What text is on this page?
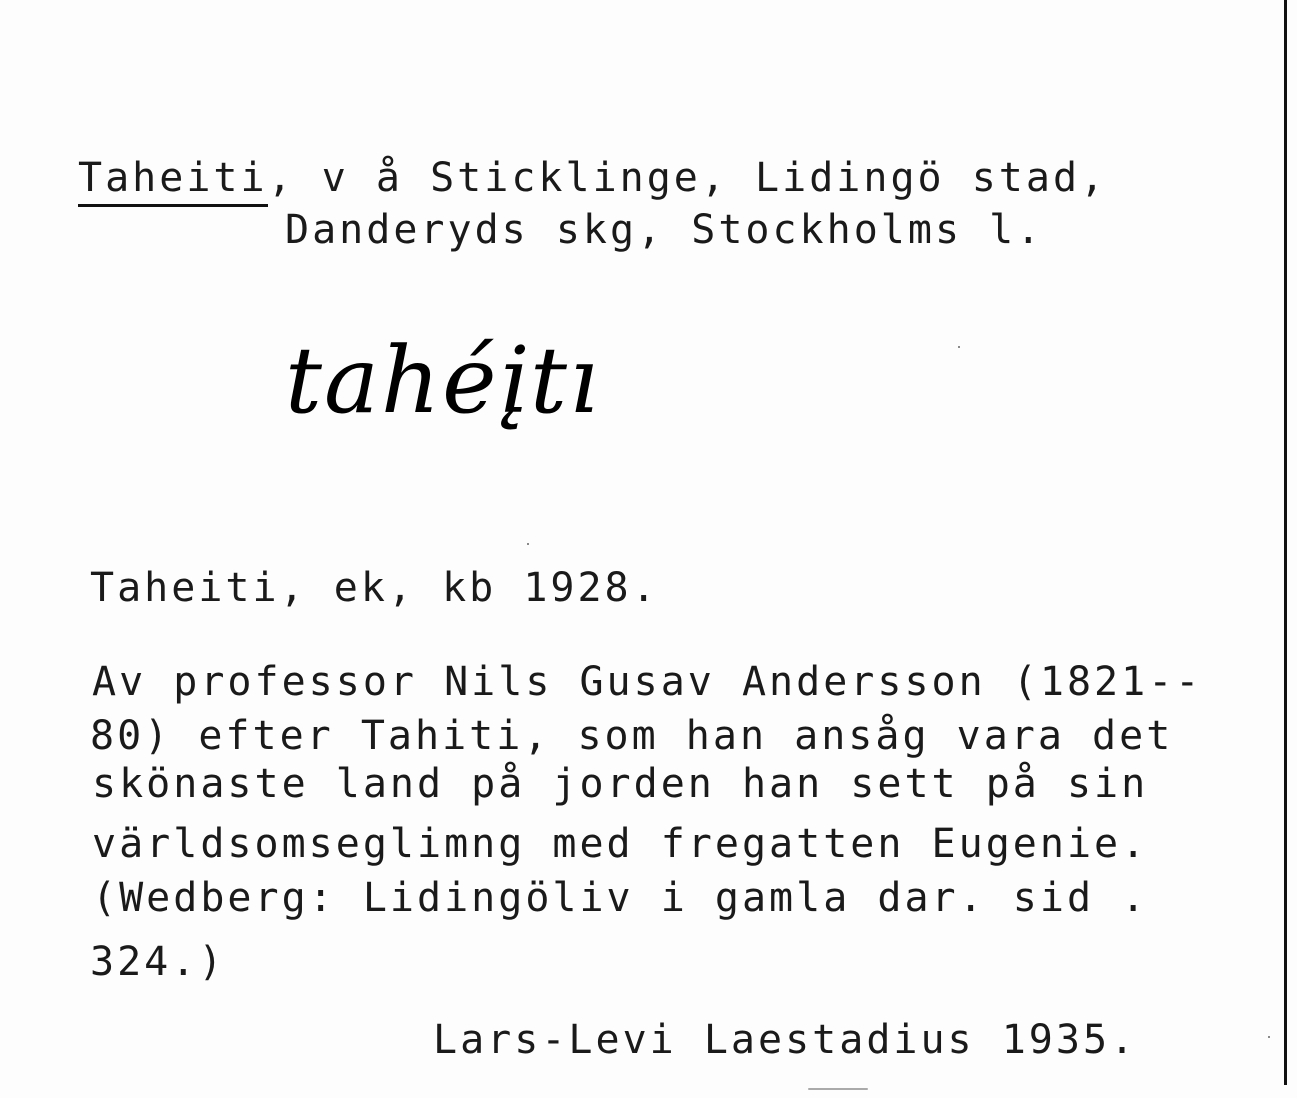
Taheiti, v å Sticklinge, Lidingö stad,
Danderyds skg, Stockholms l.
tahéįtı
Taheiti, ek, kb 1928.
Av professor Nils Gusav Andersson (1821--
80) efter Tahiti, som han ansåg vara det
skönaste land på jorden han sett på sin
världsomseglimng med fregatten Eugenie.
(Wedberg: Lidingöliv i gamla dar. sid .
324.)
Lars-Levi Laestadius 1935.
